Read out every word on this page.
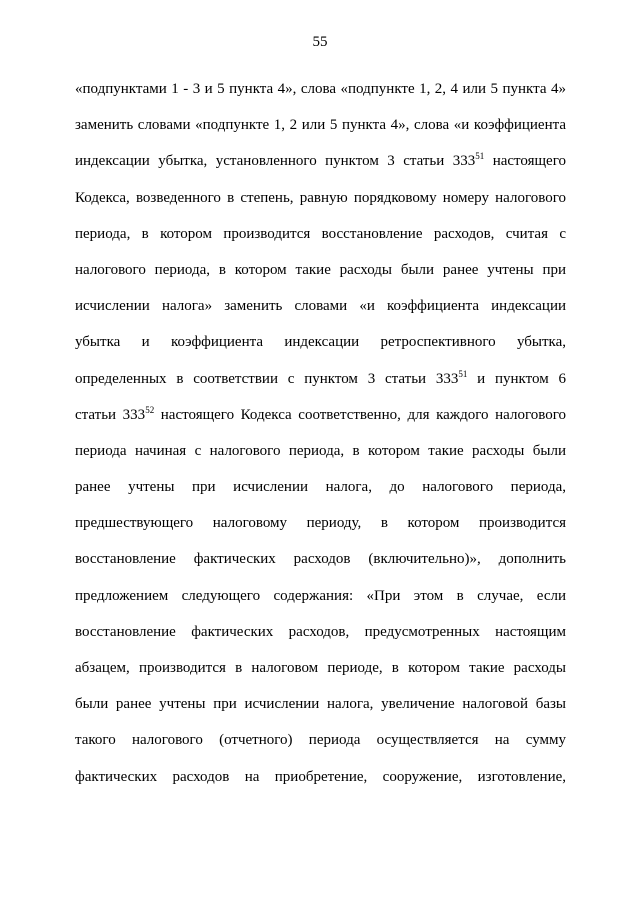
55
«подпунктами 1 - 3 и 5 пункта 4», слова «подпункте 1, 2, 4 или 5 пункта 4»
заменить словами «подпункте 1, 2 или 5 пункта 4», слова «и коэффициента
индексации убытка, установленного пунктом 3 статьи $333^{51}$ настоящего
Кодекса, возведенного в степень, равную порядковому номеру налогового
периода, в котором производится восстановление расходов, считая с
налогового периода, в котором такие расходы были ранее учтены при
исчислении налога» заменить словами «и коэффициента индексации
убытка и коэффициента индексации ретроспективного убытка,
определенных в соответствии с пунктом 3 статьи $333^{51}$ и пунктом 6
статьи $333^{52}$ настоящего Кодекса соответственно, для каждого налогового
периода начиная с налогового периода, в котором такие расходы были
ранее учтены при исчислении налога, до налогового периода,
предшествующего налоговому периоду, в котором производится
восстановление фактических расходов (включительно)», дополнить
предложением следующего содержания: «При этом в случае, если
восстановление фактических расходов, предусмотренных настоящим
абзацем, производится в налоговом периоде, в котором такие расходы
были ранее учтены при исчислении налога, увеличение налоговой базы
такого налогового (отчетного) периода осуществляется на сумму
фактических расходов на приобретение, сооружение, изготовление,
